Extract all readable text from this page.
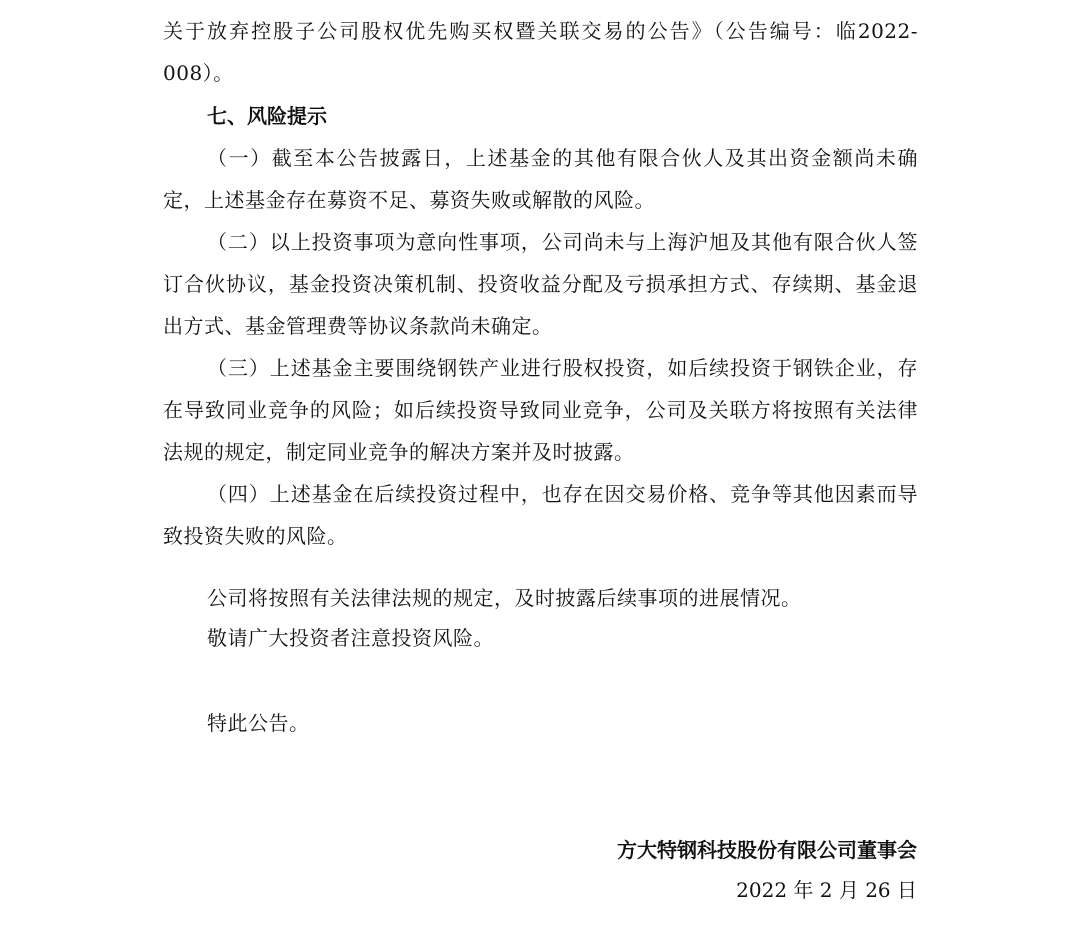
关于放弃控股子公司股权优先购买权暨关联交易的公告》（公告编号：临2022-008）。

七、风险提示

（一）截至本公告披露日，上述基金的其他有限合伙人及其出资金额尚未确定，上述基金存在募资不足、募资失败或解散的风险。

（二）以上投资事项为意向性事项，公司尚未与上海沪旭及其他有限合伙人签订合伙协议，基金投资决策机制、投资收益分配及亏损承担方式、存续期、基金退出方式、基金管理费等协议条款尚未确定。

（三）上述基金主要围绕钢铁产业进行股权投资，如后续投资于钢铁企业，存在导致同业竞争的风险；如后续投资导致同业竞争，公司及关联方将按照有关法律法规的规定，制定同业竞争的解决方案并及时披露。

（四）上述基金在后续投资过程中，也存在因交易价格、竞争等其他因素而导致投资失败的风险。

公司将按照有关法律法规的规定，及时披露后续事项的进展情况。

敬请广大投资者注意投资风险。

特此公告。

方大特钢科技股份有限公司董事会

2022 年 2 月 26 日
